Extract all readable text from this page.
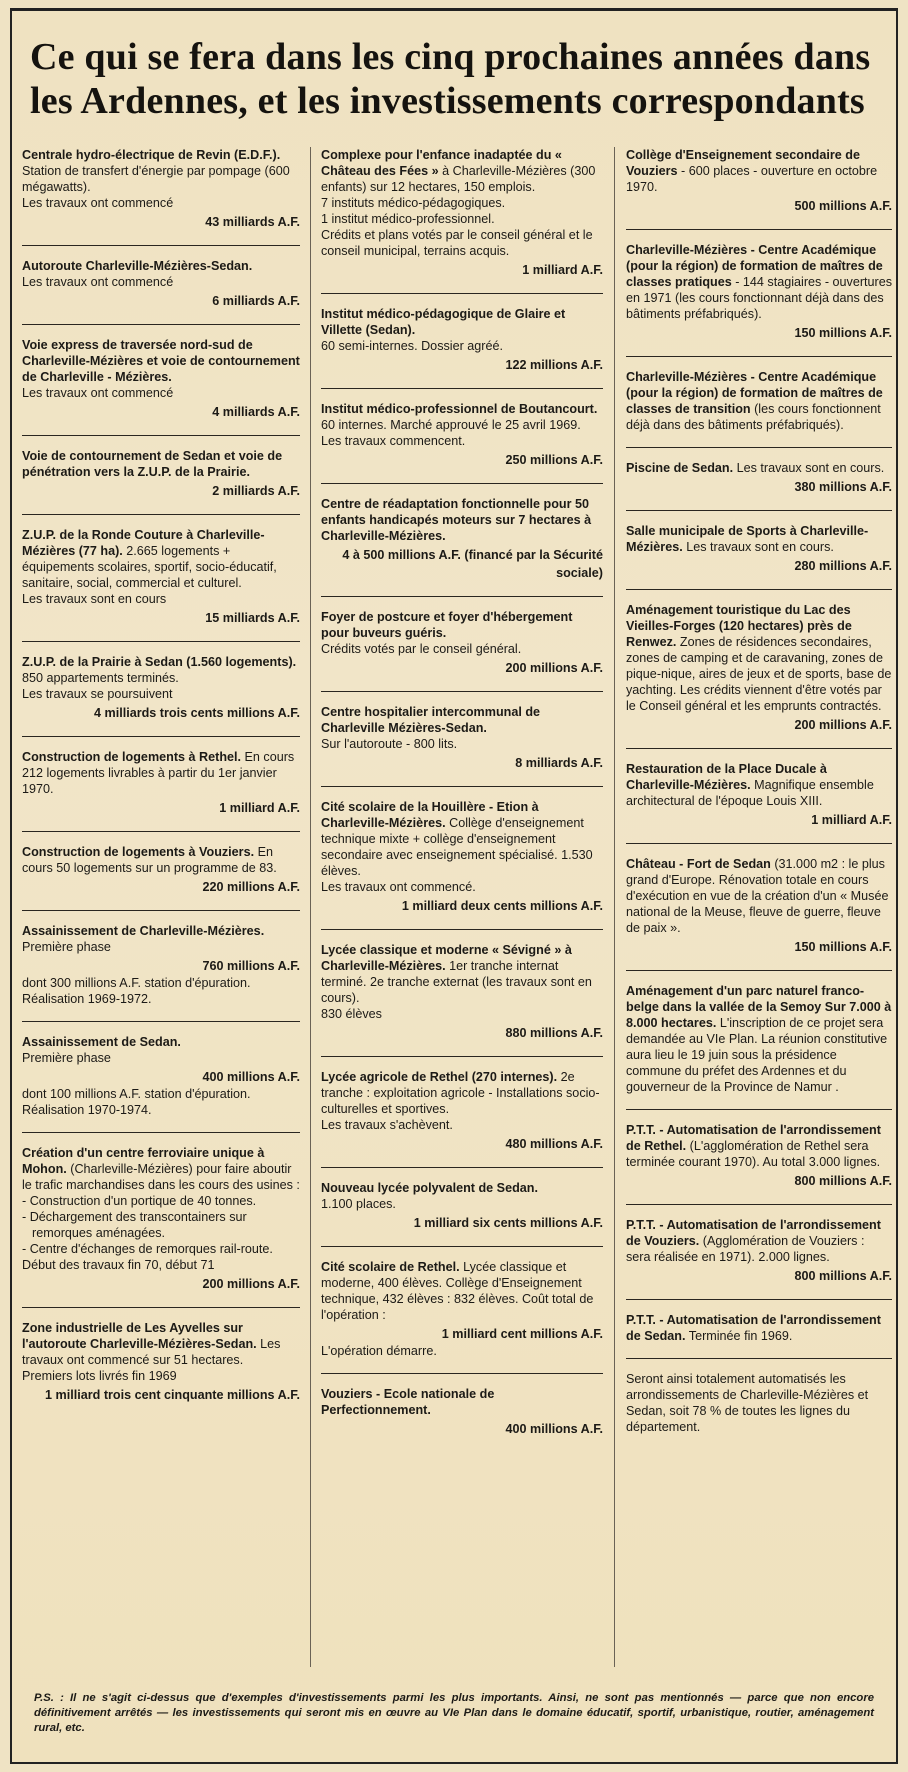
Ce qui se fera dans les cinq prochaines années dans les Ardennes, et les investissements correspondants

Centrale hydro-électrique de Revin (E.D.F.). Station de transfert d'énergie par pompage (600 mégawatts).

Les travaux ont commencé

43 milliards A.F.

Autoroute Charleville-Mézières-Sedan.

Les travaux ont commencé

6 milliards A.F.

Voie express de traversée nord-sud de Charleville-Mézières et voie de contournement de Charleville - Mézières.

Les travaux ont commencé

4 milliards A.F.

Voie de contournement de Sedan et voie de pénétration vers la Z.U.P. de la Prairie.

2 milliards A.F.

Z.U.P. de la Ronde Couture à Charleville-Mézières (77 ha). 2.665 logements + équipements scolaires, sportif, socio-éducatif, sanitaire, social, commercial et culturel.

Les travaux sont en cours

15 milliards A.F.

Z.U.P. de la Prairie à Sedan (1.560 logements). 850 appartements terminés.

Les travaux se poursuivent

4 milliards trois cents millions A.F.

Construction de logements à Rethel. En cours 212 logements livrables à partir du 1er janvier 1970.

1 milliard A.F.

Construction de logements à Vouziers. En cours 50 logements sur un programme de 83.

220 millions A.F.

Assainissement de Charleville-Mézières.

Première phase

760 millions A.F.

dont 300 millions A.F. station d'épuration. Réalisation 1969-1972.

Assainissement de Sedan.

Première phase

400 millions A.F.

dont 100 millions A.F. station d'épuration. Réalisation 1970-1974.

Création d'un centre ferroviaire unique à Mohon. (Charleville-Mézières) pour faire aboutir le trafic marchandises dans les cours des usines :

- Construction d'un portique de 40 tonnes.

- Déchargement des transcontainers sur remorques aménagées.

- Centre d'échanges de remorques rail-route.

Début des travaux fin 70, début 71

200 millions A.F.

Zone industrielle de Les Ayvelles sur l'autoroute Charleville-Mézières-Sedan. Les travaux ont commencé sur 51 hectares.

Premiers lots livrés fin 1969

1 milliard trois cent cinquante millions A.F.

Complexe pour l'enfance inadaptée du « Château des Fées » à Charleville-Mézières (300 enfants) sur 12 hectares, 150 emplois.

7 instituts médico-pédagogiques.

1 institut médico-professionnel.

Crédits et plans votés par le conseil général et le conseil municipal, terrains acquis.

1 milliard A.F.

Institut médico-pédagogique de Glaire et Villette (Sedan).

60 semi-internes. Dossier agréé.

122 millions A.F.

Institut médico-professionnel de Boutancourt. 60 internes. Marché approuvé le 25 avril 1969.

Les travaux commencent.

250 millions A.F.

Centre de réadaptation fonctionnelle pour 50 enfants handicapés moteurs sur 7 hectares à Charleville-Mézières.

4 à 500 millions A.F. (financé par la Sécurité sociale)

Foyer de postcure et foyer d'hébergement pour buveurs guéris.

Crédits votés par le conseil général.

200 millions A.F.

Centre hospitalier intercommunal de Charleville Mézières-Sedan.

Sur l'autoroute - 800 lits.

8 milliards A.F.

Cité scolaire de la Houillère - Etion à Charleville-Mézières. Collège d'enseignement technique mixte + collège d'enseignement secondaire avec enseignement spécialisé. 1.530 élèves.

Les travaux ont commencé.

1 milliard deux cents millions A.F.

Lycée classique et moderne « Sévigné » à Charleville-Mézières. 1er tranche internat terminé. 2e tranche externat (les travaux sont en cours).

830 élèves

880 millions A.F.

Lycée agricole de Rethel (270 internes). 2e tranche : exploitation agricole - Installations socio-culturelles et sportives.

Les travaux s'achèvent.

480 millions A.F.

Nouveau lycée polyvalent de Sedan.

1.100 places.

1 milliard six cents millions A.F.

Cité scolaire de Rethel. Lycée classique et moderne, 400 élèves. Collège d'Enseignement technique, 432 élèves : 832 élèves. Coût total de l'opération :

1 milliard cent millions A.F.

L'opération démarre.

Vouziers - Ecole nationale de Perfectionnement.

400 millions A.F.

Collège d'Enseignement secondaire de Vouziers - 600 places - ouverture en octobre 1970.

500 millions A.F.

Charleville-Mézières - Centre Académique (pour la région) de formation de maîtres de classes pratiques - 144 stagiaires - ouvertures en 1971 (les cours fonctionnant déjà dans des bâtiments préfabriqués).

150 millions A.F.

Charleville-Mézières - Centre Académique (pour la région) de formation de maîtres de classes de transition (les cours fonctionnent déjà dans des bâtiments préfabriqués).

Piscine de Sedan. Les travaux sont en cours.

380 millions A.F.

Salle municipale de Sports à Charleville-Mézières. Les travaux sont en cours.

280 millions A.F.

Aménagement touristique du Lac des Vieilles-Forges (120 hectares) près de Renwez. Zones de résidences secondaires, zones de camping et de caravaning, zones de pique-nique, aires de jeux et de sports, base de yachting. Les crédits viennent d'être votés par le Conseil général et les emprunts contractés.

200 millions A.F.

Restauration de la Place Ducale à Charleville-Mézières. Magnifique ensemble architectural de l'époque Louis XIII.

1 milliard A.F.

Château - Fort de Sedan (31.000 m2 : le plus grand d'Europe. Rénovation totale en cours d'exécution en vue de la création d'un « Musée national de la Meuse, fleuve de guerre, fleuve de paix ».

150 millions A.F.

Aménagement d'un parc naturel franco-belge dans la vallée de la Semoy Sur 7.000 à 8.000 hectares. L'inscription de ce projet sera demandée au VIe Plan. La réunion constitutive aura lieu le 19 juin sous la présidence commune du préfet des Ardennes et du gouverneur de la Province de Namur .

P.T.T. - Automatisation de l'arrondissement de Rethel. (L'agglomération de Rethel sera terminée courant 1970). Au total 3.000 lignes.

800 millions A.F.

P.T.T. - Automatisation de l'arrondissement de Vouziers. (Agglomération de Vouziers : sera réalisée en 1971). 2.000 lignes.

800 millions A.F.

P.T.T. - Automatisation de l'arrondissement de Sedan. Terminée fin 1969.

Seront ainsi totalement automatisés les arrondissements de Charleville-Mézières et Sedan, soit 78 % de toutes les lignes du département.

P.S. : Il ne s'agit ci-dessus que d'exemples d'investissements parmi les plus importants. Ainsi, ne sont pas mentionnés — parce que non encore définitivement arrêtés — les investissements qui seront mis en œuvre au VIe Plan dans le domaine éducatif, sportif, urbanistique, routier, aménagement rural, etc.
